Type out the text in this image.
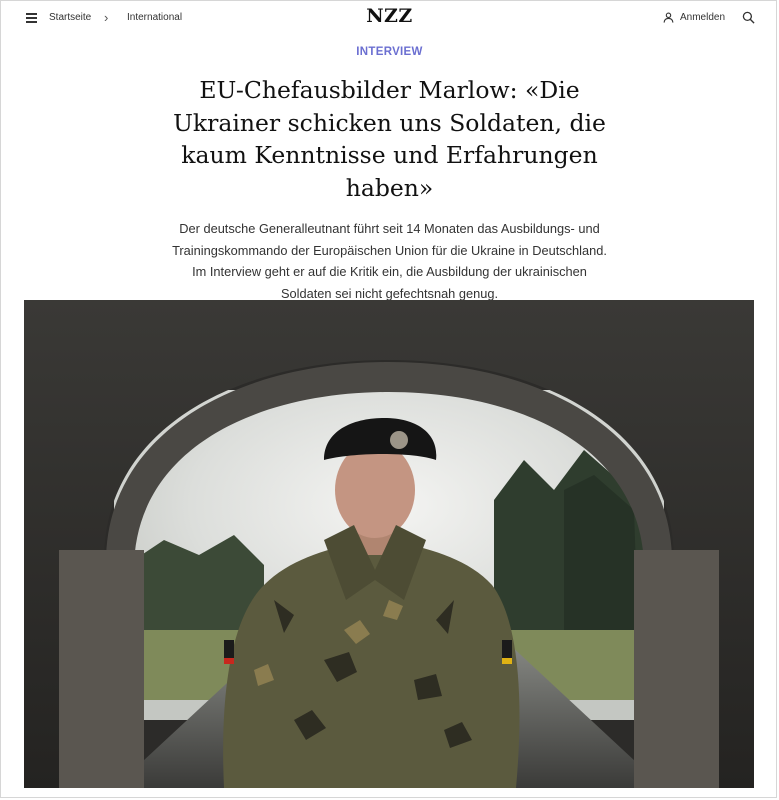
Startseite › International	NZZ	Anmelden
INTERVIEW
EU-Chefausbilder Marlow: «Die Ukrainer schicken uns Soldaten, die kaum Kenntnisse und Erfahrungen haben»

Der deutsche Generalleutnant führt seit 14 Monaten das Ausbildungs- und Trainingskommando der Europäischen Union für die Ukraine in Deutschland. Im Interview geht er auf die Kritik ein, die Ausbildung der ukrainischen Soldaten sei nicht gefechtsnah genug.
